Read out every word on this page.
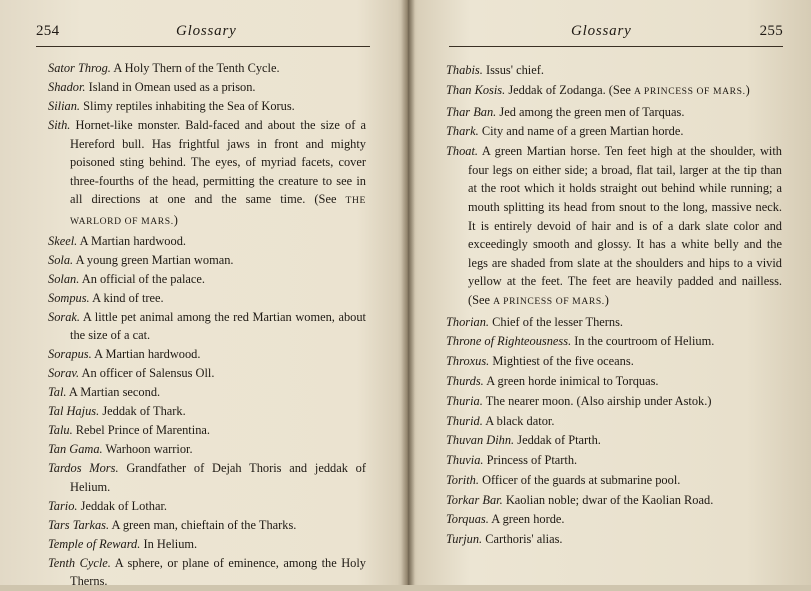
254	Glossary
Sator Throg. A Holy Thern of the Tenth Cycle.
Shador. Island in Omean used as a prison.
Silian. Slimy reptiles inhabiting the Sea of Korus.
Sith. Hornet-like monster. Bald-faced and about the size of a Hereford bull. Has frightful jaws in front and mighty poisoned sting behind. The eyes, of myriad facets, cover three-fourths of the head, permitting the creature to see in all directions at one and the same time. (See THE WARLORD OF MARS.)
Skeel. A Martian hardwood.
Sola. A young green Martian woman.
Solan. An official of the palace.
Sompus. A kind of tree.
Sorak. A little pet animal among the red Martian women, about the size of a cat.
Sorapus. A Martian hardwood.
Sorav. An officer of Salensus Oll.
Tal. A Martian second.
Tal Hajus. Jeddak of Thark.
Talu. Rebel Prince of Marentina.
Tan Gama. Warhoon warrior.
Tardos Mors. Grandfather of Dejah Thoris and jeddak of Helium.
Tario. Jeddak of Lothar.
Tars Tarkas. A green man, chieftain of the Tharks.
Temple of Reward. In Helium.
Tenth Cycle. A sphere, or plane of eminence, among the Holy Therns.
Glossary	255
Thabis. Issus' chief.
Than Kosis. Jeddak of Zodanga. (See A PRINCESS OF MARS.)
Thar Ban. Jed among the green men of Tarquas.
Thark. City and name of a green Martian horde.
Thoat. A green Martian horse. Ten feet high at the shoulder, with four legs on either side; a broad, flat tail, larger at the tip than at the root which it holds straight out behind while running; a mouth splitting its head from snout to the long, massive neck. It is entirely devoid of hair and is of a dark slate color and exceedingly smooth and glossy. It has a white belly and the legs are shaded from slate at the shoulders and hips to a vivid yellow at the feet. The feet are heavily padded and nailless. (See A PRINCESS OF MARS.)
Thorian. Chief of the lesser Therns.
Throne of Righteousness. In the courtroom of Helium.
Throxus. Mightiest of the five oceans.
Thurds. A green horde inimical to Torquas.
Thuria. The nearer moon. (Also airship under Astok.)
Thurid. A black dator.
Thuvan Dihn. Jeddak of Ptarth.
Thuvia. Princess of Ptarth.
Torith. Officer of the guards at submarine pool.
Torkar Bar. Kaolian noble; dwar of the Kaolian Road.
Torquas. A green horde.
Turjun. Carthoris' alias.
